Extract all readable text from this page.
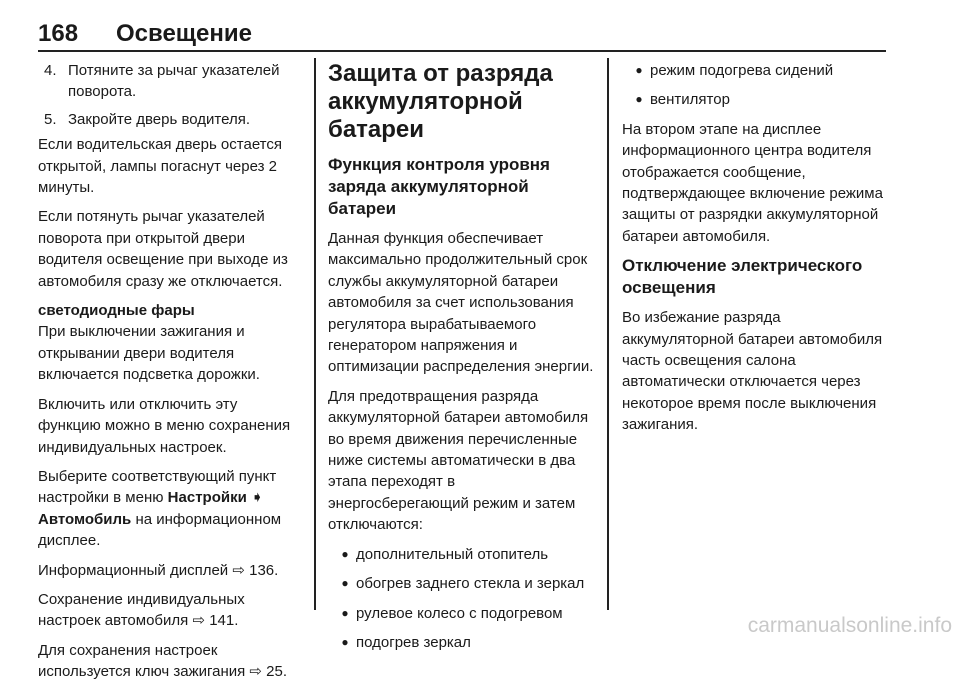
168 Освещение
4. Потяните за рычаг указателей поворота.
5. Закройте дверь водителя.

Если водительская дверь остается открытой, лампы погаснут через 2 минуты.

Если потянуть рычаг указателей поворота при открытой двери водителя освещение при выходе из автомобиля сразу же отключается.

светодиодные фары

При выключении зажигания и открывании двери водителя включается подсветка дорожки.

Включить или отключить эту функцию можно в меню сохранения индивидуальных настроек.

Выберите соответствующий пункт настройки в меню Настройки ➧ Автомобиль на информационном дисплее.

Информационный дисплей ⇨ 136.

Сохранение индивидуальных настроек автомобиля ⇨ 141.

Для сохранения настроек используется ключ зажигания ⇨ 25.

Защита от разряда аккумуляторной батареи
Функция контроля уровня заряда аккумуляторной батареи

Данная функция обеспечивает максимально продолжительный срок службы аккумуляторной батареи автомобиля за счет использования регулятора вырабатываемого генератором напряжения и оптимизации распределения энергии.

Для предотвращения разряда аккумуляторной батареи автомобиля во время движения перечисленные ниже системы автоматически в два этапа переходят в энергосберегающий режим и затем отключаются:

● дополнительный отопитель
● обогрев заднего стекла и зеркал
● рулевое колесо с подогревом
● подогрев зеркал
● режим подогрева сидений
● вентилятор

На втором этапе на дисплее информационного центра водителя отображается сообщение, подтверждающее включение режима защиты от разрядки аккумуляторной батареи автомобиля.

Отключение электрического освещения

Во избежание разряда аккумуляторной батареи автомобиля часть освещения салона автоматически отключается через некоторое время после выключения зажигания.

carmanualsonline.info
